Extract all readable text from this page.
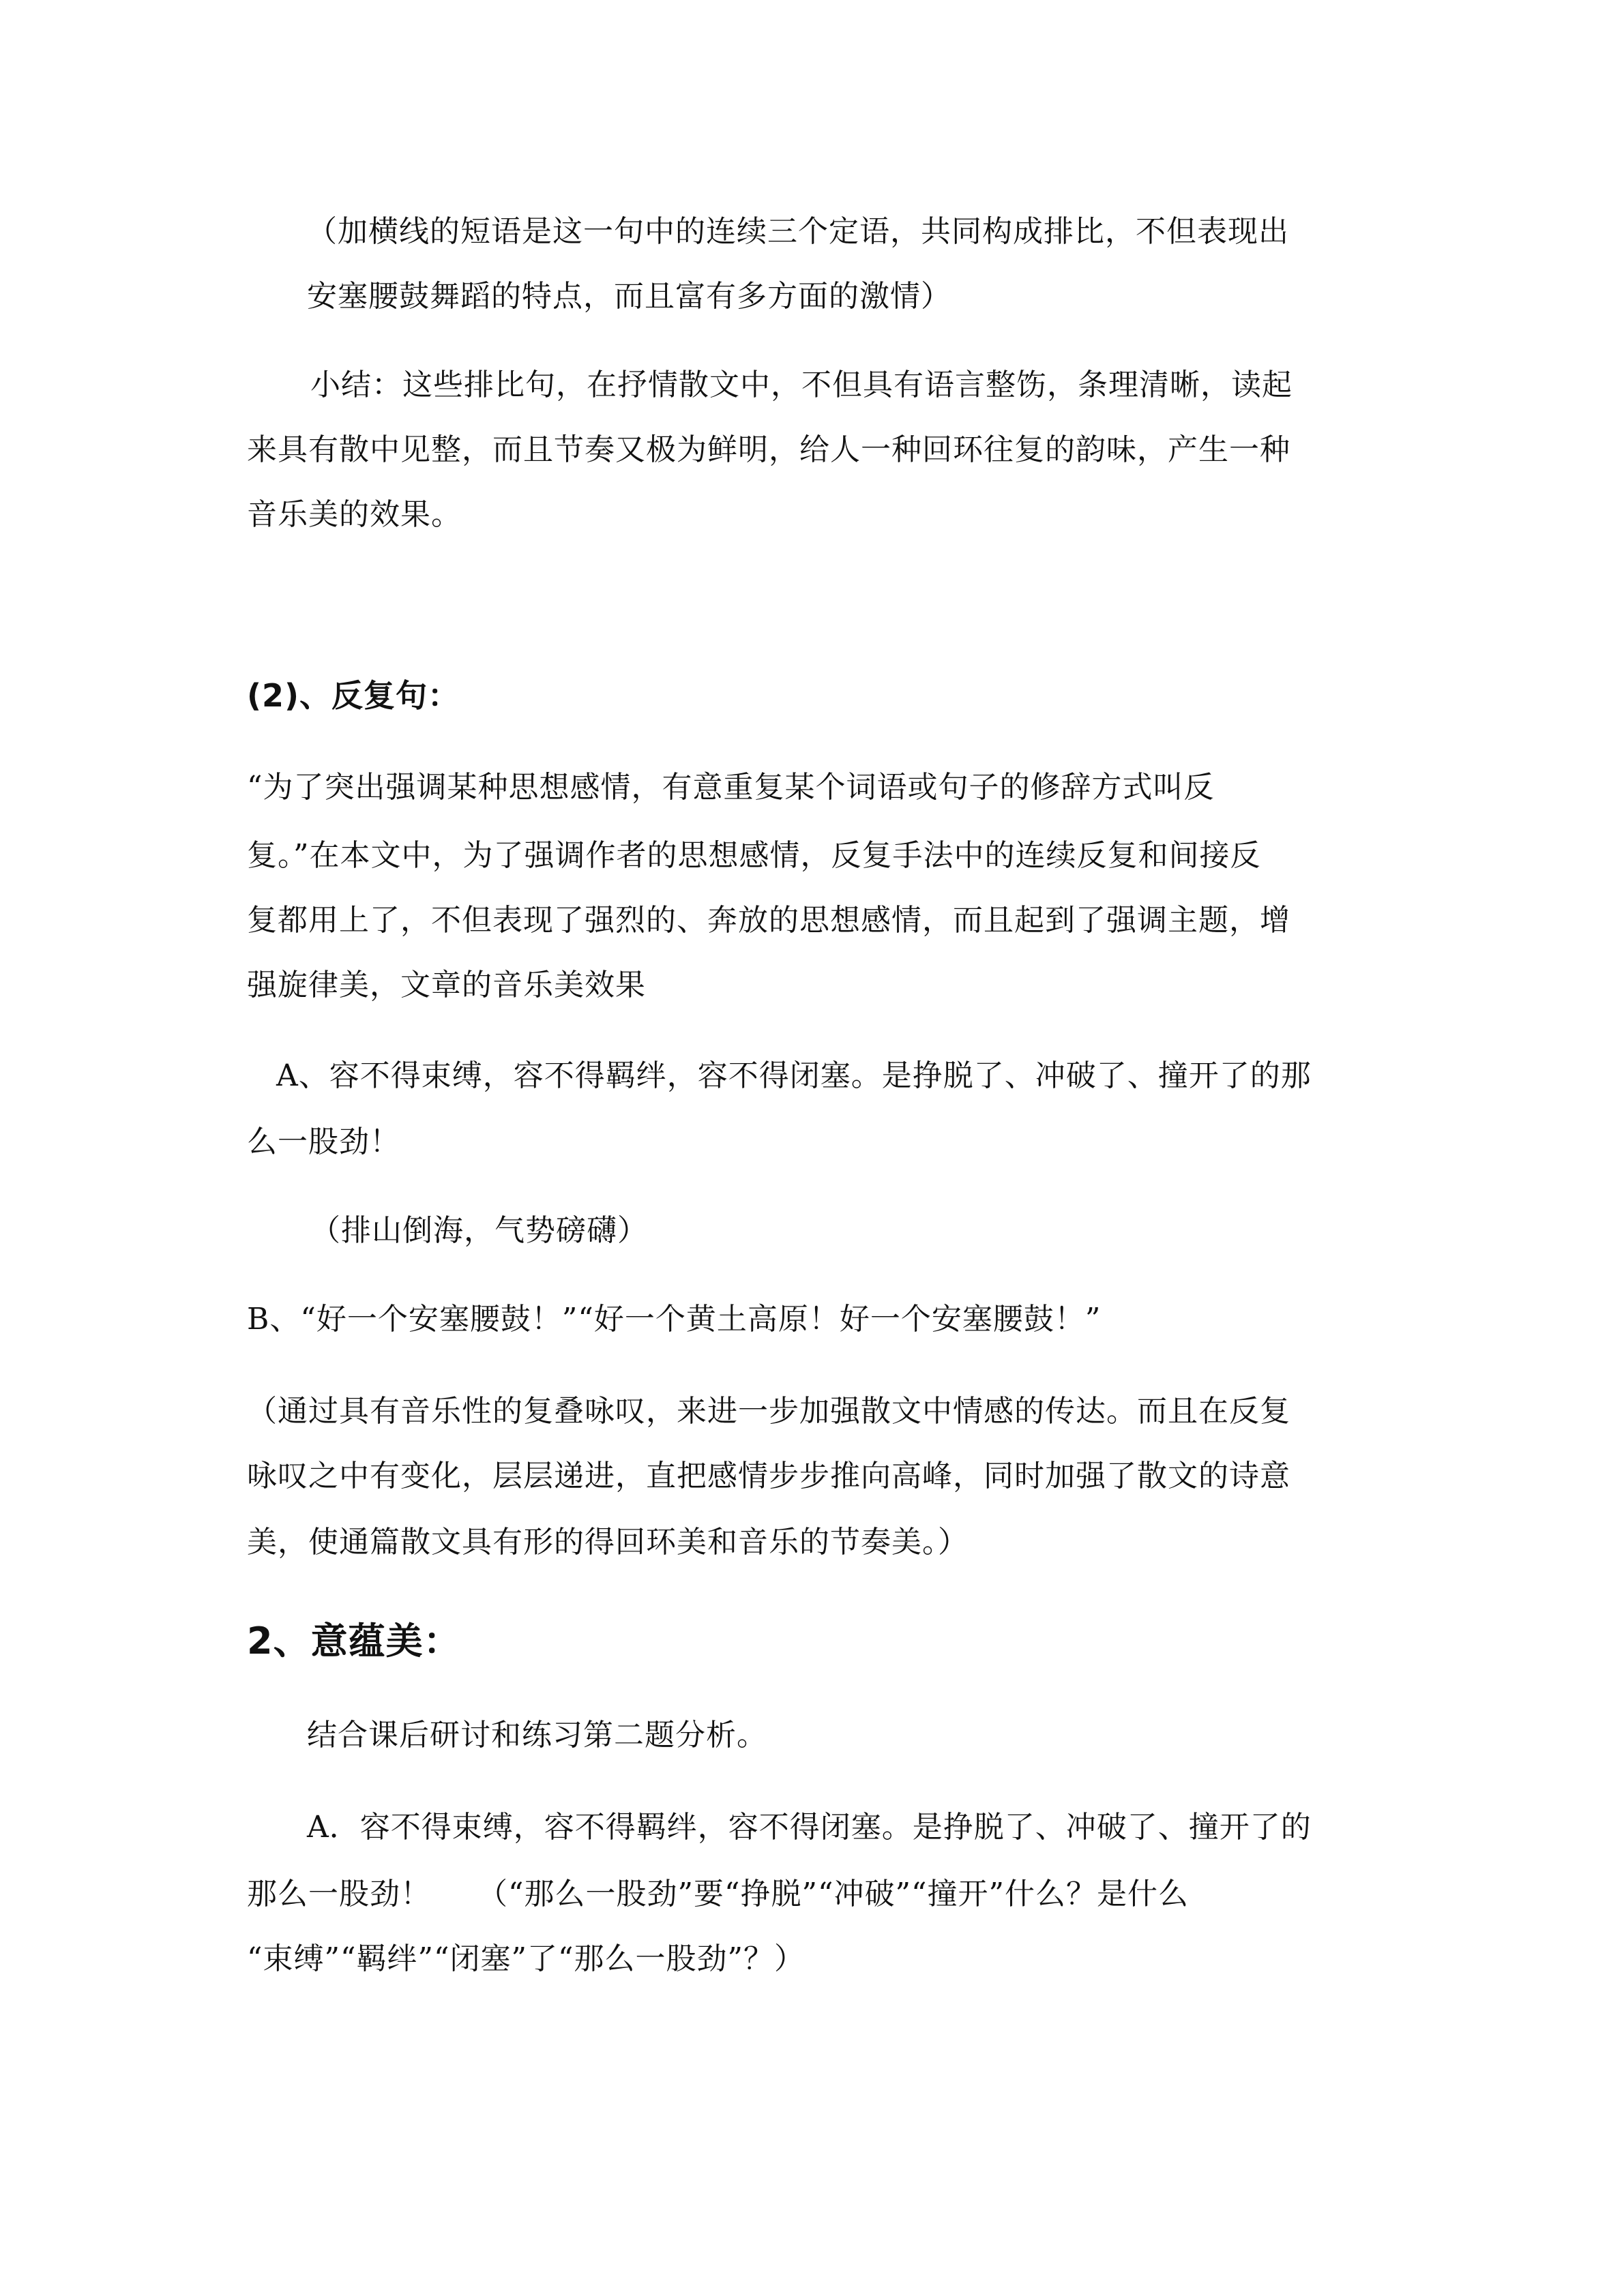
（加横线的短语是这一句中的连续三个定语，共同构成排比，不但表现出
安塞腰鼓舞蹈的特点，而且富有多方面的激情）
小结：这些排比句，在抒情散文中，不但具有语言整饬，条理清晰，读起
来具有散中见整，而且节奏又极为鲜明，给人一种回环往复的韵味，产生一种
音乐美的效果。
(2)、反复句：
“为了突出强调某种思想感情，有意重复某个词语或句子的修辞方式叫反
复。”在本文中，为了强调作者的思想感情，反复手法中的连续反复和间接反
复都用上了，不但表现了强烈的、奔放的思想感情，而且起到了强调主题，增
强旋律美，文章的音乐美效果
A、容不得束缚，容不得羁绊，容不得闭塞。是挣脱了、冲破了、撞开了的那
么一股劲！
（排山倒海，气势磅礴）
B、“好一个安塞腰鼓！”“好一个黄土高原！好一个安塞腰鼓！”
（通过具有音乐性的复叠咏叹，来进一步加强散文中情感的传达。而且在反复
咏叹之中有变化，层层递进，直把感情步步推向高峰，同时加强了散文的诗意
美，使通篇散文具有形的得回环美和音乐的节奏美。）
2、意蕴美：
结合课后研讨和练习第二题分析。
A．容不得束缚，容不得羁绊，容不得闭塞。是挣脱了、冲破了、撞开了的
那么一股劲！　　（“那么一股劲”要“挣脱”“冲破”“撞开”什么？是什么
“束缚”“羁绊”“闭塞”了“那么一股劲”？）
